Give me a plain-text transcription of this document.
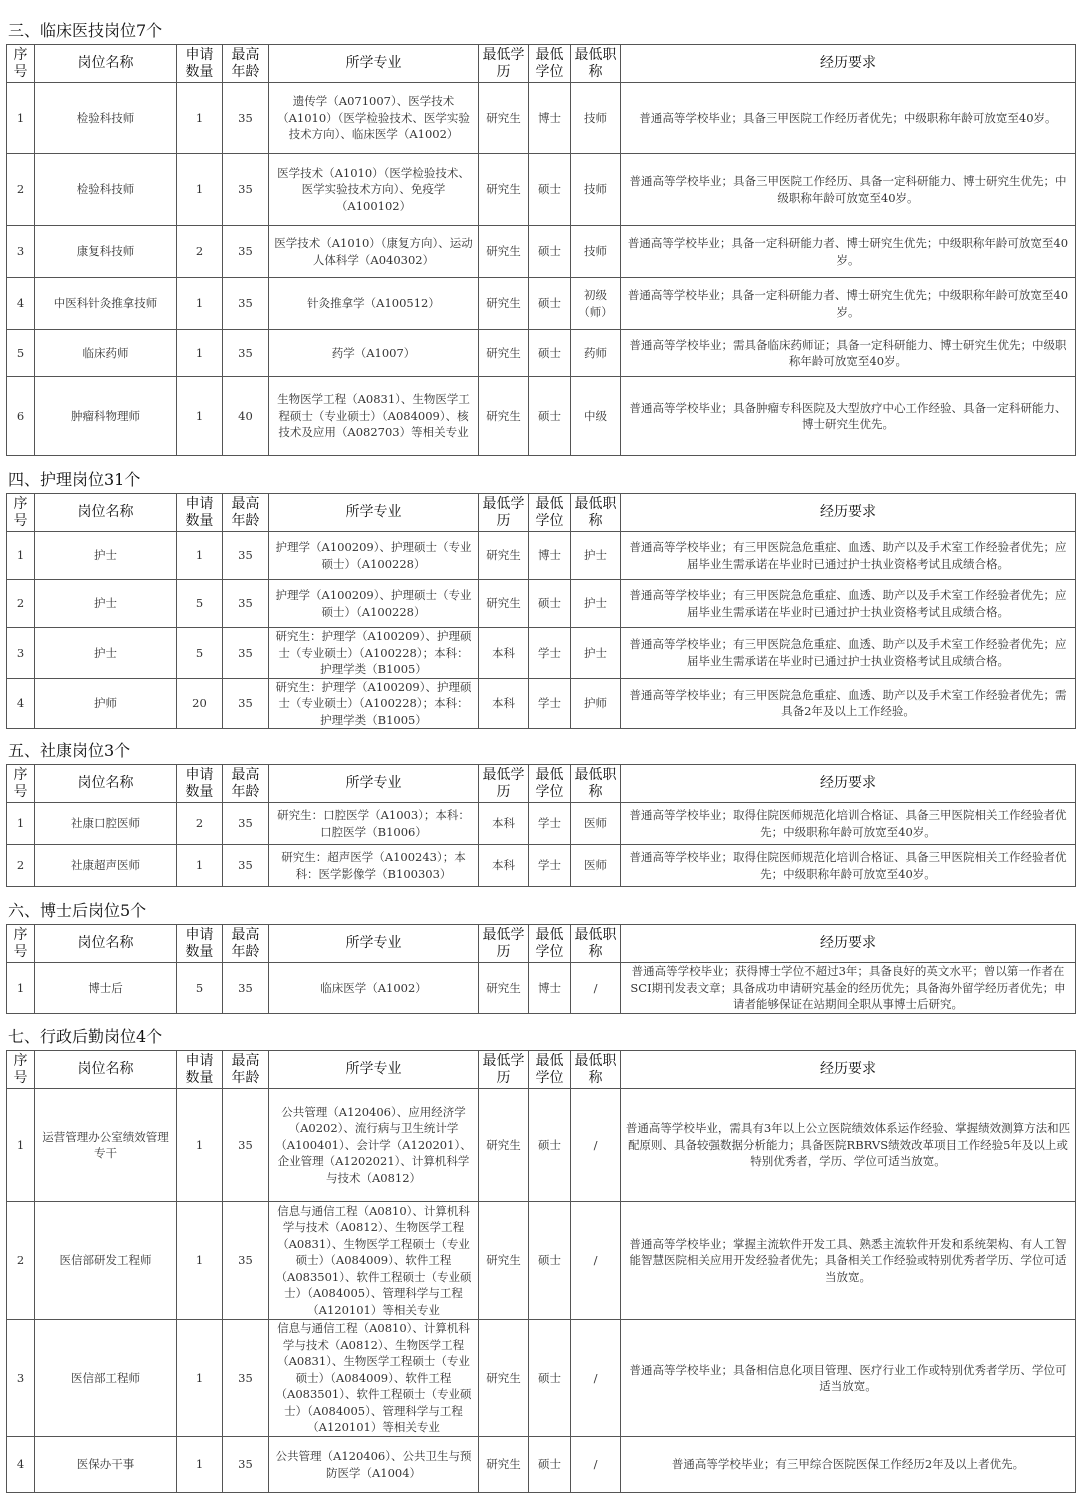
三、临床医技岗位7个
序号	岗位名称	申请数量	最高年龄	所学专业	最低学历	最低学位	最低职称	经历要求
1	检验科技师	1	35	遗传学（A071007）、医学技术（A1010）（医学检验技术、医学实验技术方向）、临床医学（A1002）	研究生	博士	技师	普通高等学校毕业；具备三甲医院工作经历者优先；中级职称年龄可放宽至40岁。
2	检验科技师	1	35	医学技术（A1010）（医学检验技术、医学实验技术方向）、免疫学（A100102）	研究生	硕士	技师	普通高等学校毕业；具备三甲医院工作经历、具备一定科研能力、博士研究生优先；中级职称年龄可放宽至40岁。
3	康复科技师	2	35	医学技术（A1010）（康复方向）、运动人体科学（A040302）	研究生	硕士	技师	普通高等学校毕业；具备一定科研能力者、博士研究生优先；中级职称年龄可放宽至40岁。
4	中医科针灸推拿技师	1	35	针灸推拿学（A100512）	研究生	硕士	初级（师）	普通高等学校毕业；具备一定科研能力者、博士研究生优先；中级职称年龄可放宽至40岁。
5	临床药师	1	35	药学（A1007）	研究生	硕士	药师	普通高等学校毕业；需具备临床药师证；具备一定科研能力、博士研究生优先；中级职称年龄可放宽至40岁。
6	肿瘤科物理师	1	40	生物医学工程（A0831）、生物医学工程硕士（专业硕士）（A084009）、核技术及应用（A082703）等相关专业	研究生	硕士	中级	普通高等学校毕业；具备肿瘤专科医院及大型放疗中心工作经验、具备一定科研能力、博士研究生优先。
四、护理岗位31个
序号	岗位名称	申请数量	最高年龄	所学专业	最低学历	最低学位	最低职称	经历要求
1	护士	1	35	护理学（A100209）、护理硕士（专业硕士）（A100228）	研究生	博士	护士	普通高等学校毕业；有三甲医院急危重症、血透、助产以及手术室工作经验者优先；应届毕业生需承诺在毕业时已通过护士执业资格考试且成绩合格。
2	护士	5	35	护理学（A100209）、护理硕士（专业硕士）（A100228）	研究生	硕士	护士	普通高等学校毕业；有三甲医院急危重症、血透、助产以及手术室工作经验者优先；应届毕业生需承诺在毕业时已通过护士执业资格考试且成绩合格。
3	护士	5	35	研究生：护理学（A100209）、护理硕士（专业硕士）（A100228）；本科：护理学类（B1005）	本科	学士	护士	普通高等学校毕业；有三甲医院急危重症、血透、助产以及手术室工作经验者优先；应届毕业生需承诺在毕业时已通过护士执业资格考试且成绩合格。
4	护师	20	35	研究生：护理学（A100209）、护理硕士（专业硕士）（A100228）；本科：护理学类（B1005）	本科	学士	护师	普通高等学校毕业；有三甲医院急危重症、血透、助产以及手术室工作经验者优先；需具备2年及以上工作经验。
五、社康岗位3个
序号	岗位名称	申请数量	最高年龄	所学专业	最低学历	最低学位	最低职称	经历要求
1	社康口腔医师	2	35	研究生：口腔医学（A1003）；本科：口腔医学（B1006）	本科	学士	医师	普通高等学校毕业；取得住院医师规范化培训合格证、具备三甲医院相关工作经验者优先；中级职称年龄可放宽至40岁。
2	社康超声医师	1	35	研究生：超声医学（A100243）；本科：医学影像学（B100303）	本科	学士	医师	普通高等学校毕业；取得住院医师规范化培训合格证、具备三甲医院相关工作经验者优先；中级职称年龄可放宽至40岁。
六、博士后岗位5个
序号	岗位名称	申请数量	最高年龄	所学专业	最低学历	最低学位	最低职称	经历要求
1	博士后	5	35	临床医学（A1002）	研究生	博士	/	普通高等学校毕业；获得博士学位不超过3年；具备良好的英文水平；曾以第一作者在SCI期刊发表文章；具备成功申请研究基金的经历优先；具备海外留学经历者优先；申请者能够保证在站期间全职从事博士后研究。
七、行政后勤岗位4个
序号	岗位名称	申请数量	最高年龄	所学专业	最低学历	最低学位	最低职称	经历要求
1	运营管理办公室绩效管理专干	1	35	公共管理（A120406）、应用经济学（A0202）、流行病与卫生统计学（A100401）、会计学（A120201）、企业管理（A1202021）、计算机科学与技术（A0812）	研究生	硕士	/	普通高等学校毕业，需具有3年以上公立医院绩效体系运作经验、掌握绩效测算方法和匹配原则、具备较强数据分析能力；具备医院RBRVS绩效改革项目工作经验5年及以上或特别优秀者，学历、学位可适当放宽。
2	医信部研发工程师	1	35	信息与通信工程（A0810）、计算机科学与技术（A0812）、生物医学工程（A0831）、生物医学工程硕士（专业硕士）（A084009）、软件工程（A083501）、软件工程硕士（专业硕士）（A084005）、管理科学与工程（A120101）等相关专业	研究生	硕士	/	普通高等学校毕业；掌握主流软件开发工具、熟悉主流软件开发和系统架构、有人工智能智慧医院相关应用开发经验者优先；具备相关工作经验或特别优秀者学历、学位可适当放宽。
3	医信部工程师	1	35	信息与通信工程（A0810）、计算机科学与技术（A0812）、生物医学工程（A0831）、生物医学工程硕士（专业硕士）（A084009）、软件工程（A083501）、软件工程硕士（专业硕士）（A084005）、管理科学与工程（A120101）等相关专业	研究生	硕士	/	普通高等学校毕业；具备相信息化项目管理、医疗行业工作或特别优秀者学历、学位可适当放宽。
4	医保办干事	1	35	公共管理（A120406）、公共卫生与预防医学（A1004）	研究生	硕士	/	普通高等学校毕业；有三甲综合医院医保工作经历2年及以上者优先。
